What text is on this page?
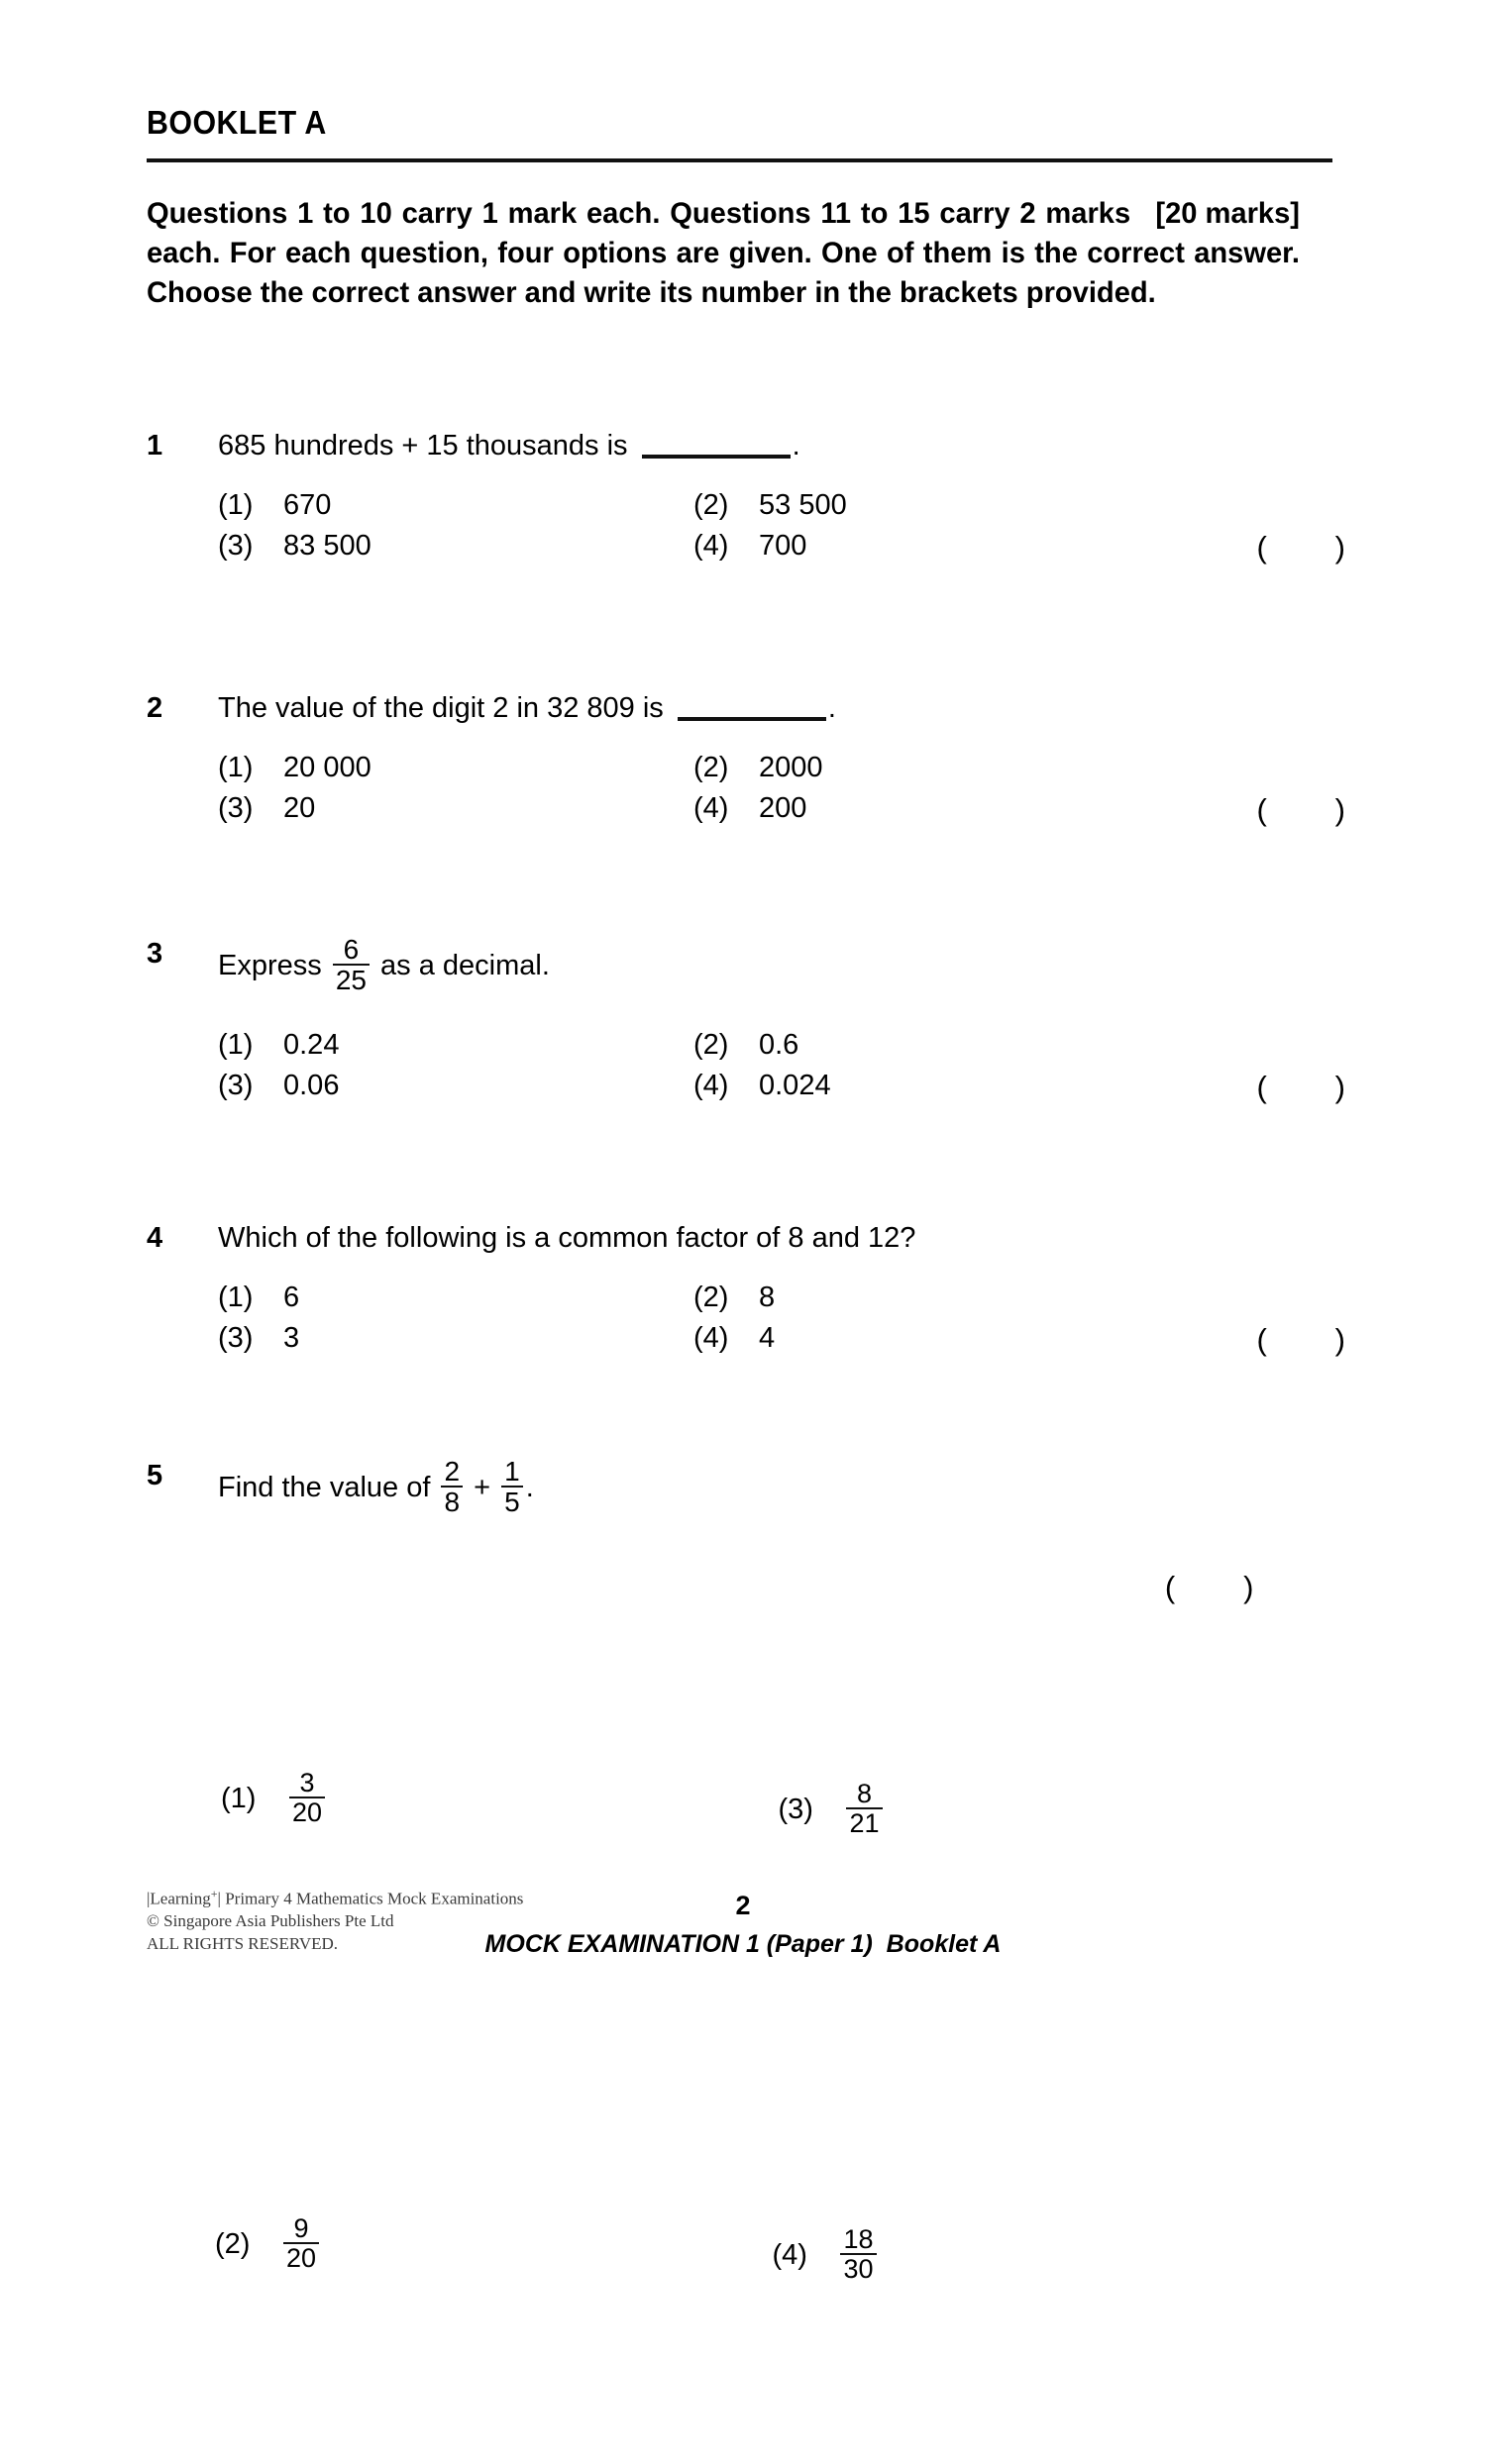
BOOKLET A

[20 marks]
Questions 1 to 10 carry 1 mark each. Questions 11 to 15 carry 2 marks each. For each question, four options are given. One of them is the correct answer. Choose the correct answer and write its number in the brackets provided.

1	685 hundreds + 15 thousands is	.
(1)	670	(2)	53 500
(3)	83 500	(4)	700	(        )
2	The value of the digit 2 in 32 809 is	.
(1)	20 000	(2)	2000
(3)	20	(4)	200	(        )
3	Express $\frac{6}{25}$ as a decimal.
(1)	0.24	(2)	0.6
(3)	0.06	(4)	0.024	(        )
4	Which of the following is a common factor of 8 and 12?
(1)	6	(2)	8
(3)	3	(4)	4	(        )
5	Find the value of $\frac{2}{8} + \frac{1}{5}$ .
(1)	$\frac{3}{20}$
(2)	$\frac{9}{20}$

(3)	$\frac{8}{21}$
(4)	$\frac{18}{30}$
(        )
|Learning+| Primary 4 Mathematics Mock Examinations
© Singapore Asia Publishers Pte Ltd
ALL RIGHTS RESERVED.
2
MOCK EXAMINATION 1 (Paper 1)  Booklet A
